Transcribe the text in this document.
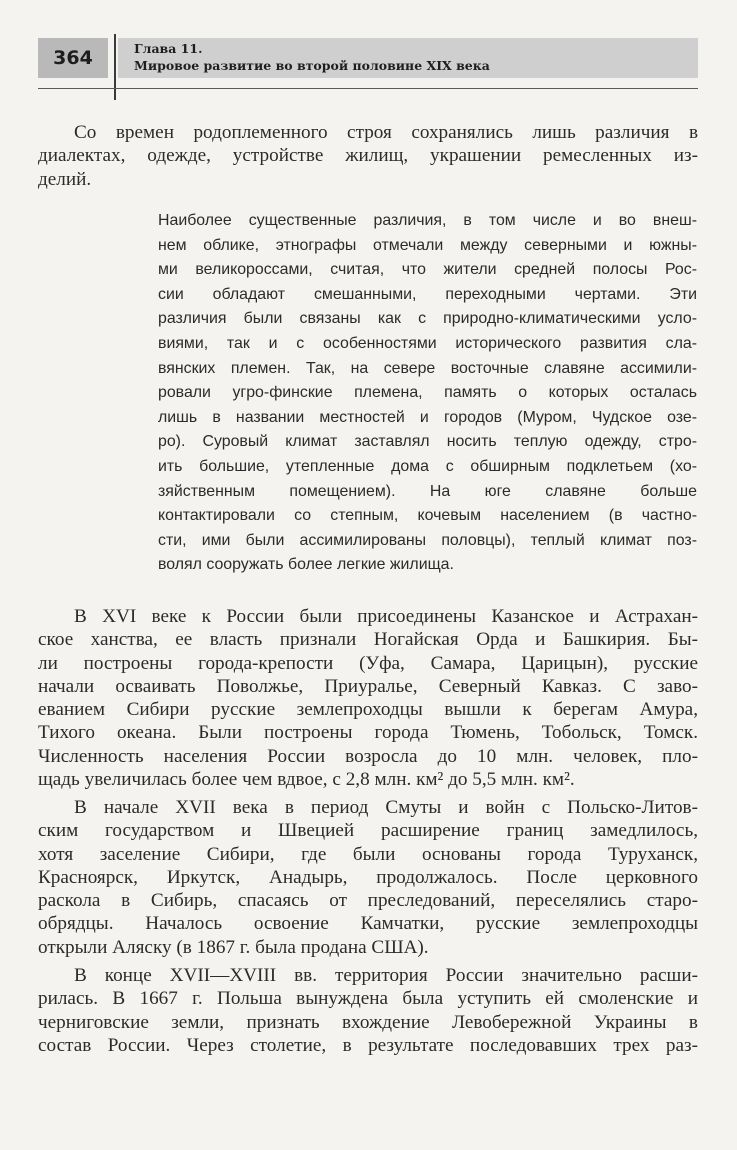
364	Глава 11.
Мировое развитие во второй половине XIX века
Со времен родоплеменного строя сохранялись лишь различия в
диалектах, одежде, устройстве жилищ, украшении ремесленных из-
делий.
Наиболее существенные различия, в том числе и во внеш-
нем облике, этнографы отмечали между северными и южны-
ми великороссами, считая, что жители средней полосы Рос-
сии обладают смешанными, переходными чертами. Эти
различия были связаны как с природно-климатическими усло-
виями, так и с особенностями исторического развития сла-
вянских племен. Так, на севере восточные славяне ассимили-
ровали угро-финские племена, память о которых осталась
лишь в названии местностей и городов (Муром, Чудское озе-
ро). Суровый климат заставлял носить теплую одежду, стро-
ить большие, утепленные дома с обширным подклетьем (хо-
зяйственным помещением). На юге славяне больше
контактировали со степным, кочевым населением (в частно-
сти, ими были ассимилированы половцы), теплый климат поз-
волял сооружать более легкие жилища.
В XVI веке к России были присоединены Казанское и Астрахан-
ское ханства, ее власть признали Ногайская Орда и Башкирия. Бы-
ли построены города-крепости (Уфа, Самара, Царицын), русские
начали осваивать Поволжье, Приуралье, Северный Кавказ. С заво-
еванием Сибири русские землепроходцы вышли к берегам Амура,
Тихого океана. Были построены города Тюмень, Тобольск, Томск.
Численность населения России возросла до 10 млн. человек, пло-
щадь увеличилась более чем вдвое, с 2,8 млн. км² до 5,5 млн. км².
В начале XVII века в период Смуты и войн с Польско-Литов-
ским государством и Швецией расширение границ замедлилось,
хотя заселение Сибири, где были основаны города Туруханск,
Красноярск, Иркутск, Анадырь, продолжалось. После церковного
раскола в Сибирь, спасаясь от преследований, переселялись старо-
обрядцы. Началось освоение Камчатки, русские землепроходцы
открыли Аляску (в 1867 г. была продана США).
В конце XVII—XVIII вв. территория России значительно расши-
рилась. В 1667 г. Польша вынуждена была уступить ей смоленские и
черниговские земли, признать вхождение Левобережной Украины в
состав России. Через столетие, в результате последовавших трех раз-
